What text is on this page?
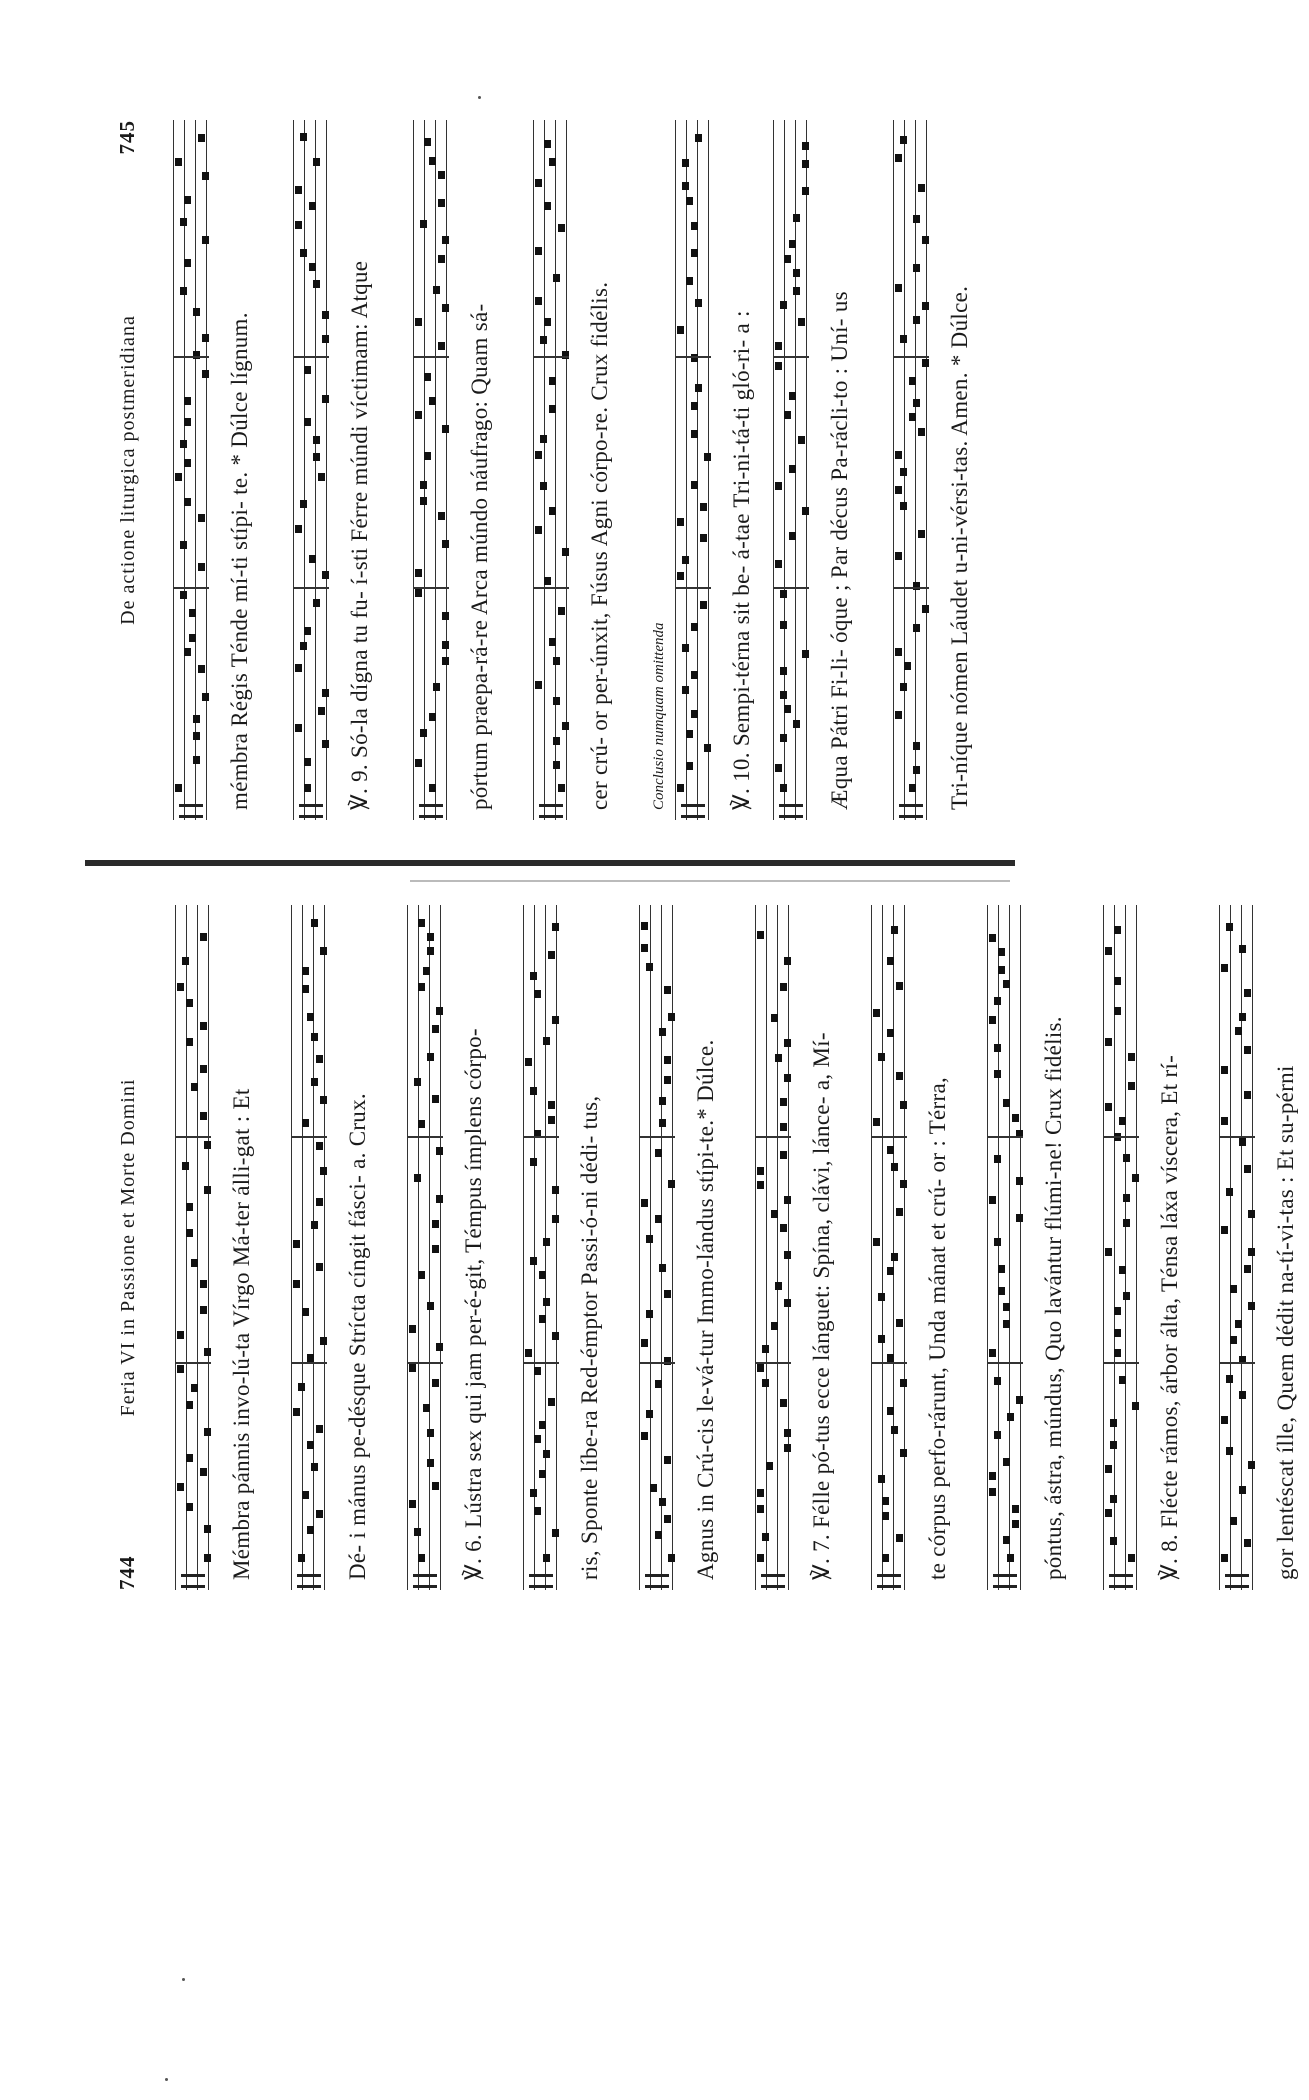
De actione liturgica postmeridiana
745
mémbra Régis Ténde mí-ti stípi- te. * Dúlce lígnum.	℣. 9. Só-la dígna tu fu- í-sti Férre múndi víctimam: Atque	pórtum praepa-rá-re Arca múndo náufrago: Quam sá-	cer crú- or per-únxit, Fúsus Agni córpo-re. Crux fidélis.	Conclusio numquam omittenda	℣. 10. Sempi-térna sit be- á-tae Tri-ni-tá-ti gló-ri- a :	Æqua Pátri Fi-li- óque ; Par décus Pa-rácli-to : Uní- us	Tri-níque nómen Láudet u-ni-vérsi-tas. Amen. * Dúlce.
744
Feria VI in Passione et Morte Domini	Mémbra pánnis invo-lú-ta Vírgo Má-ter álli-gat : Et	Dé- i mánus pe-désque Strícta cíngit fásci- a. Crux.	℣. 6. Lústra sex qui jam per-é-git, Témpus ímplens córpo-	ris, Sponte líbe-ra Red-émptor Passi-ó-ni dédi- tus,	Agnus in Crú-cis le-vá-tur Immo-lándus stípi-te.* Dúlce.	℣. 7. Félle pó-tus ecce lánguet: Spína, clávi, lánce- a, Mí-	te córpus perfo-rárunt, Unda mánat et crú- or : Térra,	póntus, ástra, múndus, Quo lavántur flúmi-ne! Crux fidélis.	℣. 8. Flécte rámos, árbor álta, Ténsa láxa víscera, Et rí-	gor lentéscat ílle, Quem dédit na-tí-vi-tas : Et su-pérni
